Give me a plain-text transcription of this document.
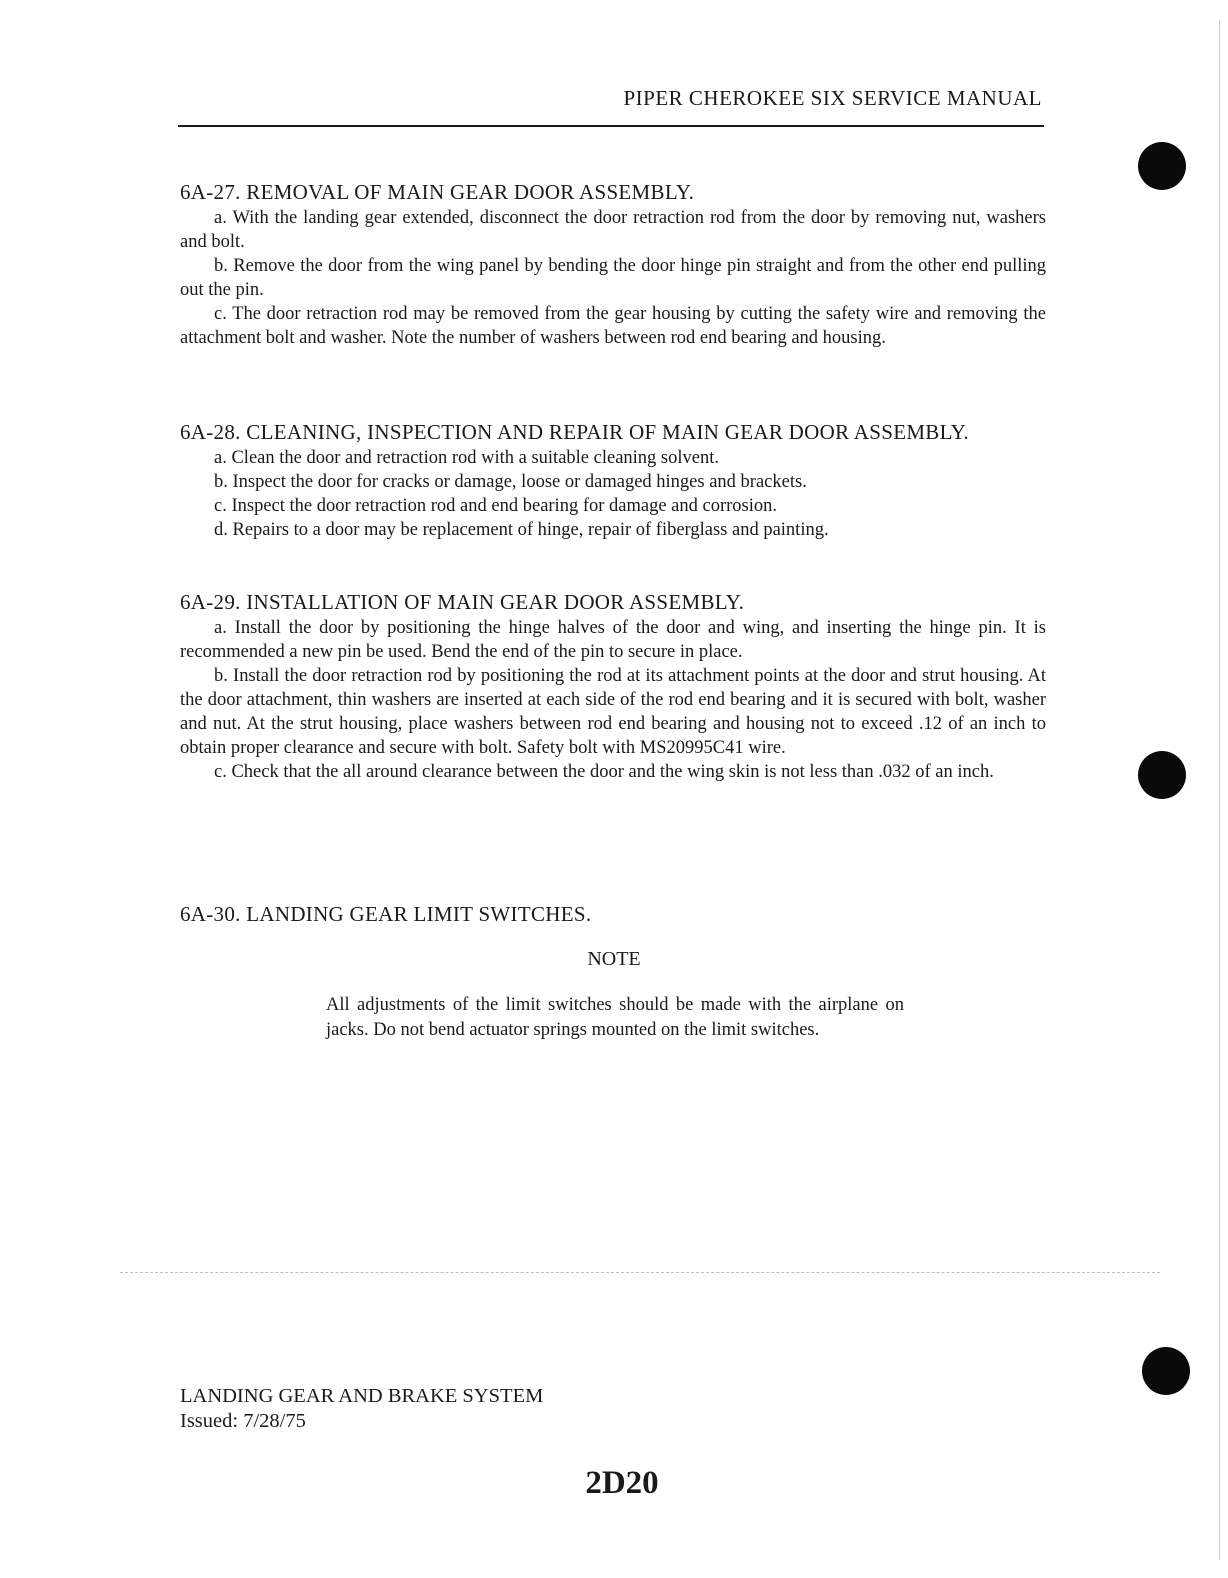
PIPER CHEROKEE SIX SERVICE MANUAL
6A-27. REMOVAL OF MAIN GEAR DOOR ASSEMBLY.

a. With the landing gear extended, disconnect the door retraction rod from the door by removing nut, washers and bolt.

b. Remove the door from the wing panel by bending the door hinge pin straight and from the other end pulling out the pin.

c. The door retraction rod may be removed from the gear housing by cutting the safety wire and removing the attachment bolt and washer. Note the number of washers between rod end bearing and housing.

6A-28. CLEANING, INSPECTION AND REPAIR OF MAIN GEAR DOOR ASSEMBLY.
a. Clean the door and retraction rod with a suitable cleaning solvent.
b. Inspect the door for cracks or damage, loose or damaged hinges and brackets.
c. Inspect the door retraction rod and end bearing for damage and corrosion.
d. Repairs to a door may be replacement of hinge, repair of fiberglass and painting.
6A-29. INSTALLATION OF MAIN GEAR DOOR ASSEMBLY.

a. Install the door by positioning the hinge halves of the door and wing, and inserting the hinge pin. It is recommended a new pin be used. Bend the end of the pin to secure in place.

b. Install the door retraction rod by positioning the rod at its attachment points at the door and strut housing. At the door attachment, thin washers are inserted at each side of the rod end bearing and it is secured with bolt, washer and nut. At the strut housing, place washers between rod end bearing and housing not to exceed .12 of an inch to obtain proper clearance and secure with bolt. Safety bolt with MS20995C41 wire.

c. Check that the all around clearance between the door and the wing skin is not less than .032 of an inch.

6A-30. LANDING GEAR LIMIT SWITCHES.
NOTE
All adjustments of the limit switches should be made with the airplane on jacks. Do not bend actuator springs mounted on the limit switches.
LANDING GEAR AND BRAKE SYSTEM
Issued: 7/28/75
2D20
